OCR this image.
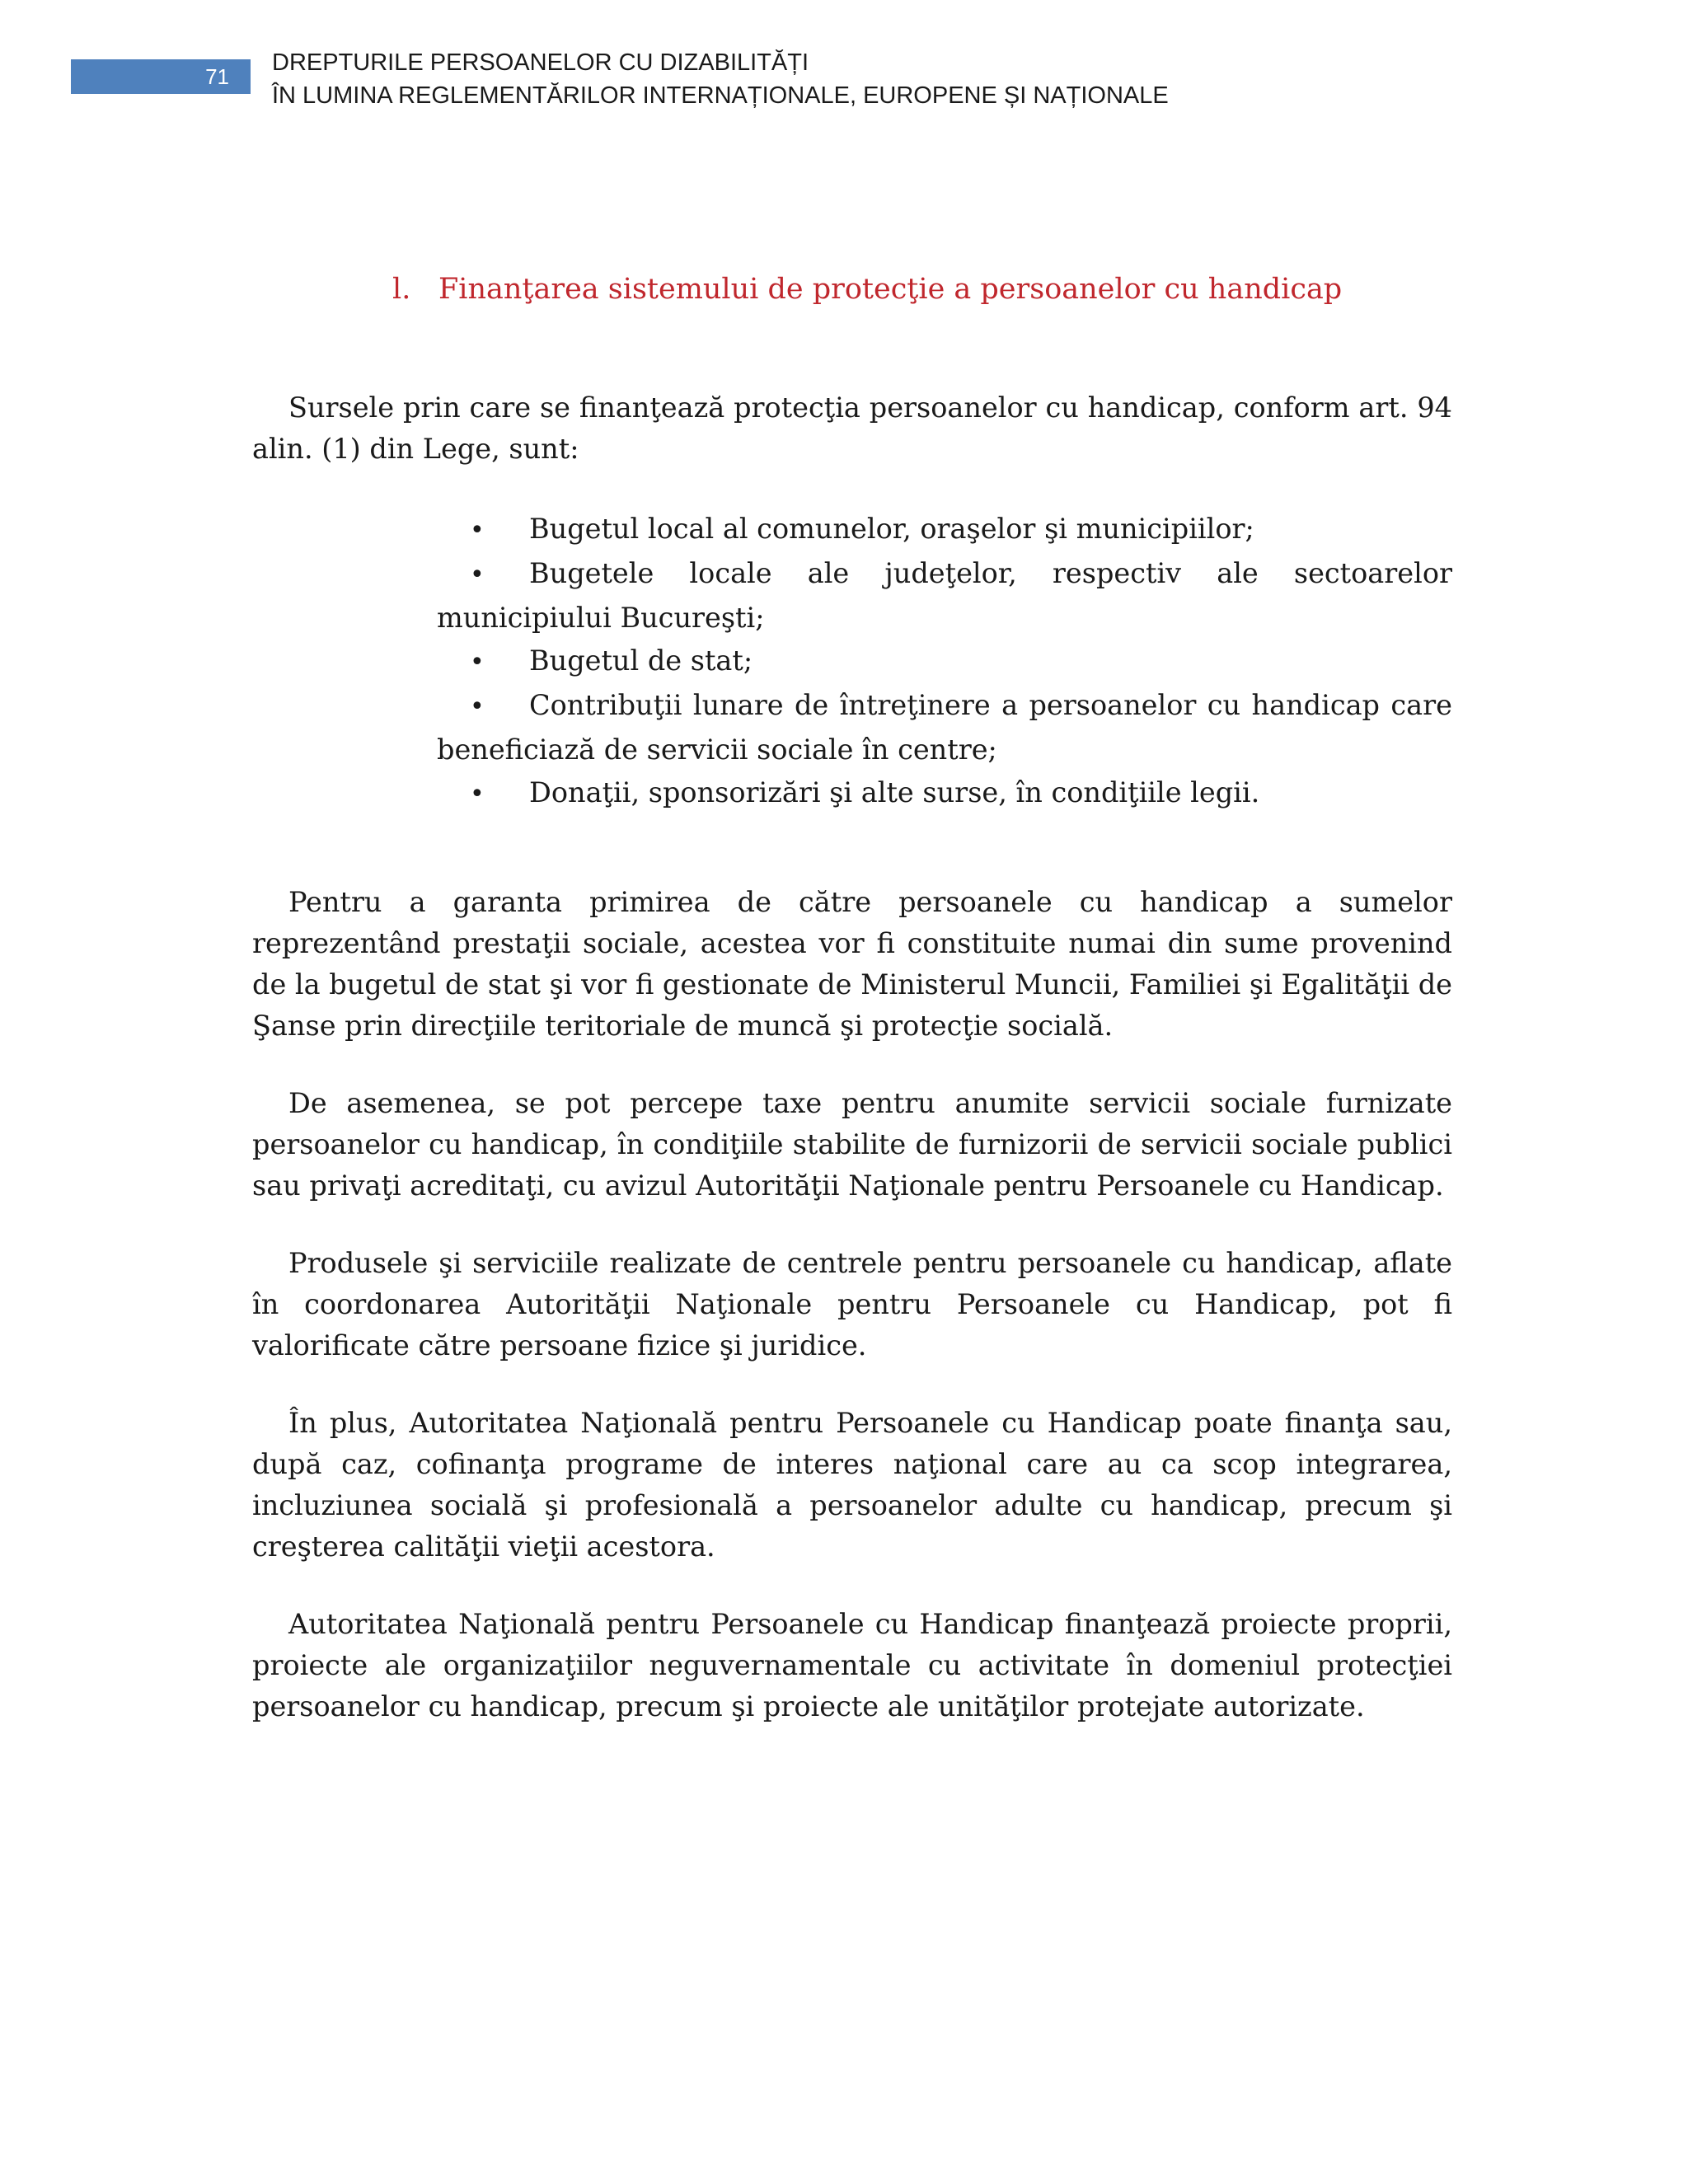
71
DREPTURILE PERSOANELOR CU DIZABILITĂȚI
ÎN LUMINA REGLEMENTĂRILOR INTERNAȚIONALE, EUROPENE ȘI NAȚIONALE
l. Finanţarea sistemului de protecţie a persoanelor cu handicap

Sursele prin care se finanţează protecţia persoanelor cu handicap, conform art. 94 alin. (1) din Lege, sunt:

• Bugetul local al comunelor, oraşelor şi municipiilor;
• Bugetele locale ale judeţelor, respectiv ale sectoarelor municipiului Bucureşti;
• Bugetul de stat;
• Contribuţii lunare de întreţinere a persoanelor cu handicap care beneficiază de servicii sociale în centre;
• Donaţii, sponsorizări şi alte surse, în condiţiile legii.

Pentru a garanta primirea de către persoanele cu handicap a sumelor reprezentând prestaţii sociale, acestea vor fi constituite numai din sume provenind de la bugetul de stat şi vor fi gestionate de Ministerul Muncii, Familiei şi Egalităţii de Şanse prin direcţiile teritoriale de muncă şi protecţie socială.

De asemenea, se pot percepe taxe pentru anumite servicii sociale furnizate persoanelor cu handicap, în condiţiile stabilite de furnizorii de servicii sociale publici sau privaţi acreditaţi, cu avizul Autorităţii Naţionale pentru Persoanele cu Handicap.

Produsele şi serviciile realizate de centrele pentru persoanele cu handicap, aflate în coordonarea Autorităţii Naţionale pentru Persoanele cu Handicap, pot fi valorificate către persoane fizice şi juridice.

În plus, Autoritatea Naţională pentru Persoanele cu Handicap poate finanţa sau, după caz, cofinanţa programe de interes naţional care au ca scop integrarea, incluziunea socială şi profesională a persoanelor adulte cu handicap, precum şi creşterea calităţii vieţii acestora.

Autoritatea Naţională pentru Persoanele cu Handicap finanţează proiecte proprii, proiecte ale organizaţiilor neguvernamentale cu activitate în domeniul protecţiei persoanelor cu handicap, precum şi proiecte ale unităţilor protejate autorizate.
